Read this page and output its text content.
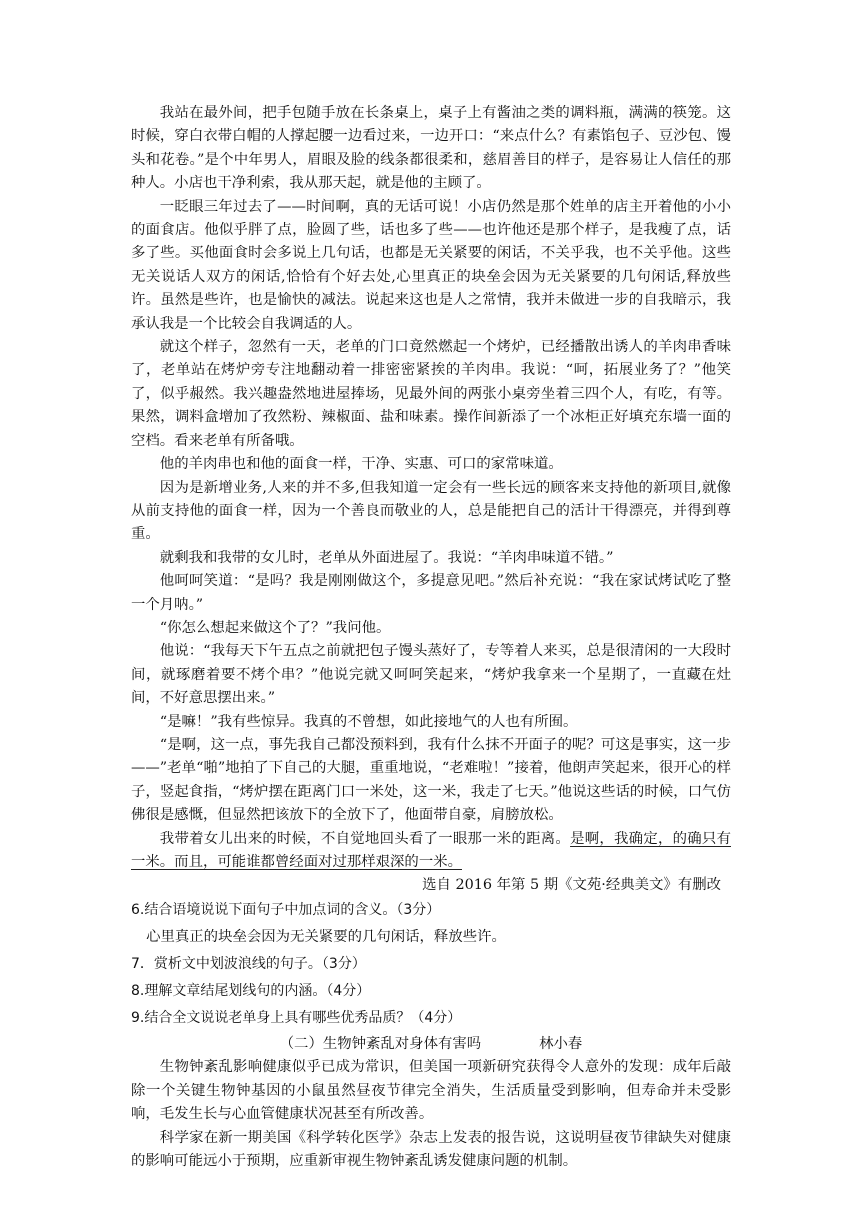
我站在最外间，把手包随手放在长条桌上，桌子上有酱油之类的调料瓶，满满的筷笼。这时候，穿白衣带白帽的人撑起腰一边看过来，一边开口：“来点什么？有素馅包子、豆沙包、馒头和花卷。”是个中年男人，眉眼及脸的线条都很柔和，慈眉善目的样子，是容易让人信任的那种人。小店也干净利索，我从那天起，就是他的主顾了。

一眨眼三年过去了——时间啊，真的无话可说！小店仍然是那个姓单的店主开着他的小小的面食店。他似乎胖了点，脸圆了些，话也多了些——也许他还是那个样子，是我瘦了点，话多了些。买他面食时会多说上几句话，也都是无关紧要的闲话，不关乎我，也不关乎他。这些无关说话人双方的闲话,恰恰有个好去处,心里真正的块垒会因为无关紧要的几句闲话,释放些许。虽然是些许，也是愉快的减法。说起来这也是人之常情，我并未做进一步的自我暗示，我承认我是一个比较会自我调适的人。

就这个样子，忽然有一天，老单的门口竟然燃起一个烤炉，已经播散出诱人的羊肉串香味了，老单站在烤炉旁专注地翻动着一排密密紧挨的羊肉串。我说：“呵，拓展业务了？”他笑了，似乎赧然。我兴趣盎然地进屋捧场，见最外间的两张小桌旁坐着三四个人，有吃，有等。果然，调料盒增加了孜然粉、辣椒面、盐和味素。操作间新添了一个冰柜正好填充东墙一面的空档。看来老单有所备哦。

他的羊肉串也和他的面食一样，干净、实惠、可口的家常味道。

因为是新增业务,人来的并不多,但我知道一定会有一些长远的顾客来支持他的新项目,就像从前支持他的面食一样，因为一个善良而敬业的人，总是能把自己的活计干得漂亮，并得到尊重。

就剩我和我带的女儿时，老单从外面进屋了。我说：“羊肉串味道不错。”

他呵呵笑道：“是吗？我是刚刚做这个，多提意见吧。”然后补充说：“我在家试烤试吃了整一个月呐。”

“你怎么想起来做这个了？”我问他。

他说：“我每天下午五点之前就把包子馒头蒸好了，专等着人来买，总是很清闲的一大段时间，就琢磨着要不烤个串？”他说完就又呵呵笑起来，“烤炉我拿来一个星期了，一直藏在灶间，不好意思摆出来。”

“是嘛！”我有些惊异。我真的不曾想，如此接地气的人也有所囿。

“是啊，这一点，事先我自己都没预料到，我有什么抹不开面子的呢？可这是事实，这一步——”老单“啪”地拍了下自己的大腿，重重地说，“老难啦！”接着，他朗声笑起来，很开心的样子，竖起食指，“烤炉摆在距离门口一米处，这一米，我走了七天。”他说这些话的时候，口气仿佛很是感慨，但显然把该放下的全放下了，他面带自豪，肩膀放松。

我带着女儿出来的时候，不自觉地回头看了一眼那一米的距离。是啊，我确定，的确只有一米。而且，可能谁都曾经面对过那样艰深的一米。

选自 2016 年第 5 期《文苑·经典美文》有删改

6.结合语境说说下面句子中加点词的含义。（3分）

心里真正的块垒会因为无关紧要的几句闲话，释放些许。

7．赏析文中划波浪线的句子。（3分）

8.理解文章结尾划线句的内涵。（4分）

9.结合全文说说老单身上具有哪些优秀品质？（4分）

（二）生物钟紊乱对身体有害吗	林小春

生物钟紊乱影响健康似乎已成为常识，但美国一项新研究获得令人意外的发现：成年后敲除一个关键生物钟基因的小鼠虽然昼夜节律完全消失，生活质量受到影响，但寿命并未受影响，毛发生长与心血管健康状况甚至有所改善。

科学家在新一期美国《科学转化医学》杂志上发表的报告说，这说明昼夜节律缺失对健康的影响可能远小于预期，应重新审视生物钟紊乱诱发健康问题的机制。
